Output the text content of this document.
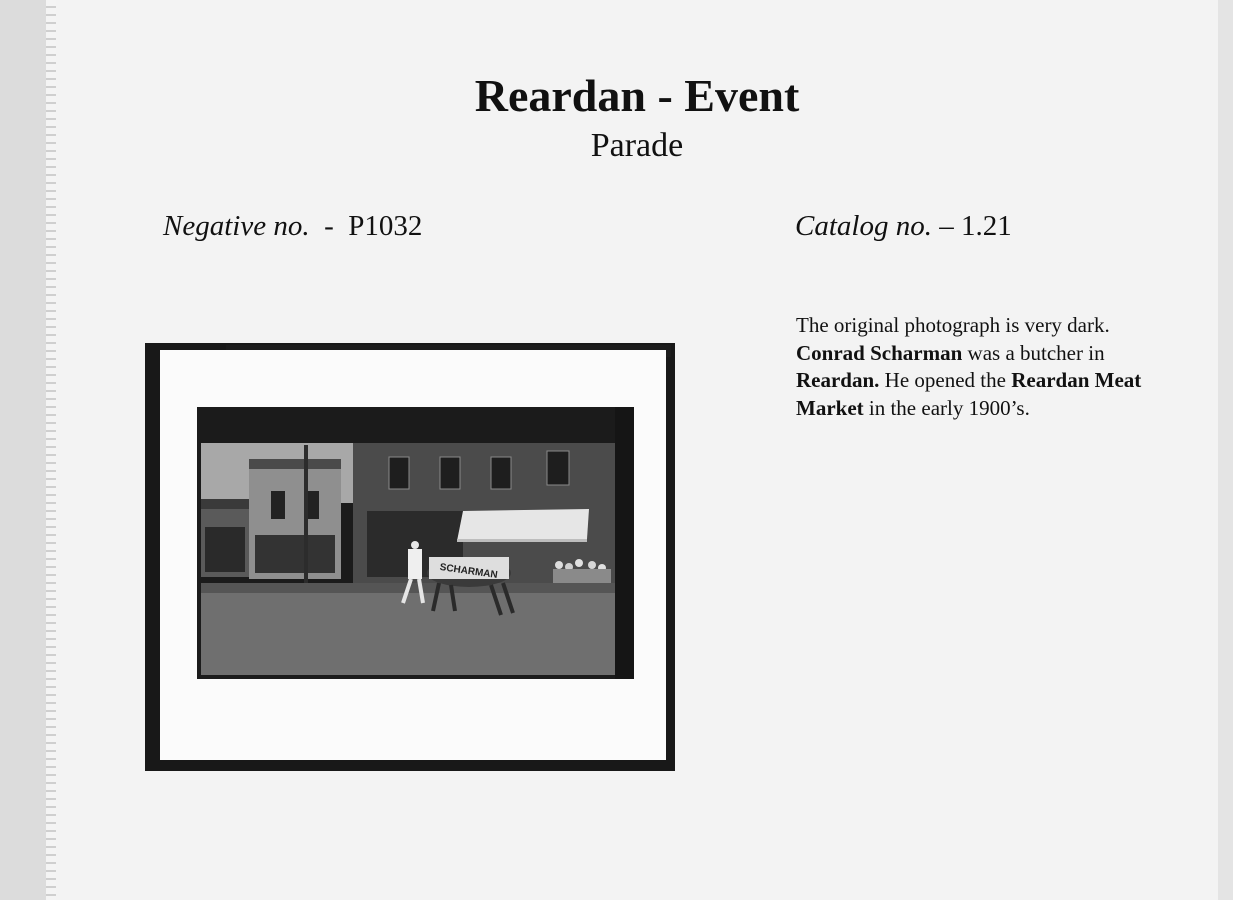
Reardan - Event
Parade
Negative no.  -  P1032	Catalog no. – 1.21
The original photograph is very dark. Conrad Scharman was a butcher in Reardan. He opened the Reardan Meat Market in the early 1900’s.
SCHARMAN
